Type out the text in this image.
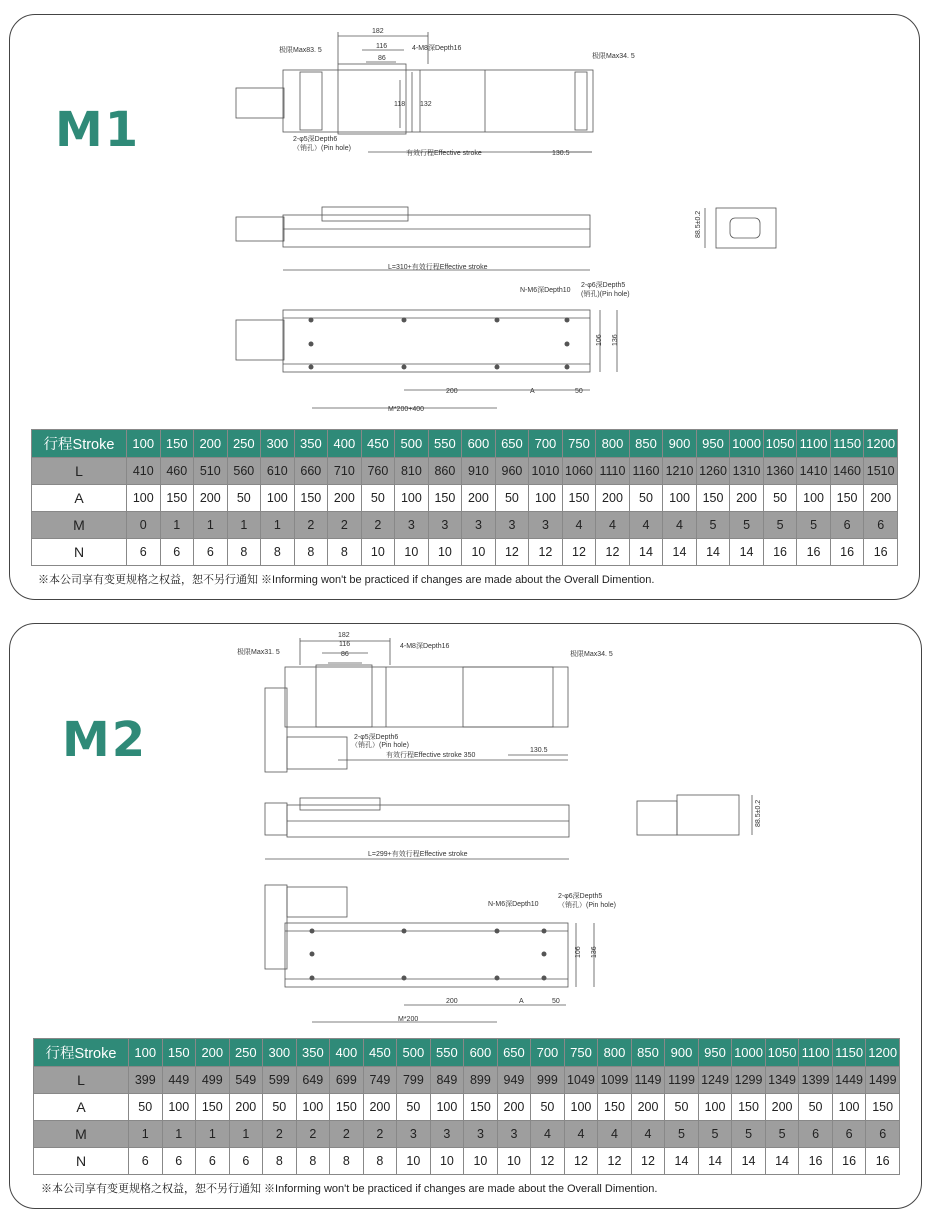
M1
182
116
86
4-M8深Depth16
极限Max83. 5
极限Max34. 5
118 132
2-φ5深Depth6
（销孔）(Pin hole)
有效行程Effective stroke	130.5
L=310+有效行程Effective stroke
88.5±0.2
N-M6深Depth10
2-φ6深Depth5
(销孔)(Pin hole)
106 136
200	A	50
M*200+400
行程Stroke	100	150	200	250	300	350	400	450	500	550	600	650	700	750	800	850	900	950	1000	1050	1100	1150	1200
L	410	460	510	560	610	660	710	760	810	860	910	960	1010	1060	1110	1160	1210	1260	1310	1360	1410	1460	1510
A	100	150	200	50	100	150	200	50	100	150	200	50	100	150	200	50	100	150	200	50	100	150	200
M	0	1	1	1	1	2	2	2	3	3	3	3	3	4	4	4	4	5	5	5	5	6	6
N	6	6	6	8	8	8	8	10	10	10	10	12	12	12	12	14	14	14	14	16	16	16	16
※本公司享有变更规格之权益，恕不另行通知 ※Informing won't be practiced if changes are made about the Overall Dimention.
M2
182
116
86
4-M8深Depth16
极限Max31. 5	极限Max34. 5
2-φ5深Depth6
（销孔）(Pin hole)
有效行程Effective stroke 350
130.5
L=299+有效行程Effective stroke
88.5±0.2
N-M6深Depth10
2-φ6深Depth5
（销孔）(Pin hole)
106 136
200	A	50
M*200
行程Stroke	100	150	200	250	300	350	400	450	500	550	600	650	700	750	800	850	900	950	1000	1050	1100	1150	1200
L	399	449	499	549	599	649	699	749	799	849	899	949	999	1049	1099	1149	1199	1249	1299	1349	1399	1449	1499
A	50	100	150	200	50	100	150	200	50	100	150	200	50	100	150	200	50	100	150	200	50	100	150
M	1	1	1	1	2	2	2	2	3	3	3	3	4	4	4	4	5	5	5	5	6	6	6
N	6	6	6	6	8	8	8	8	10	10	10	10	12	12	12	12	14	14	14	14	16	16	16
※本公司享有变更规格之权益，恕不另行通知 ※Informing won't be practiced if changes are made about the Overall Dimention.
